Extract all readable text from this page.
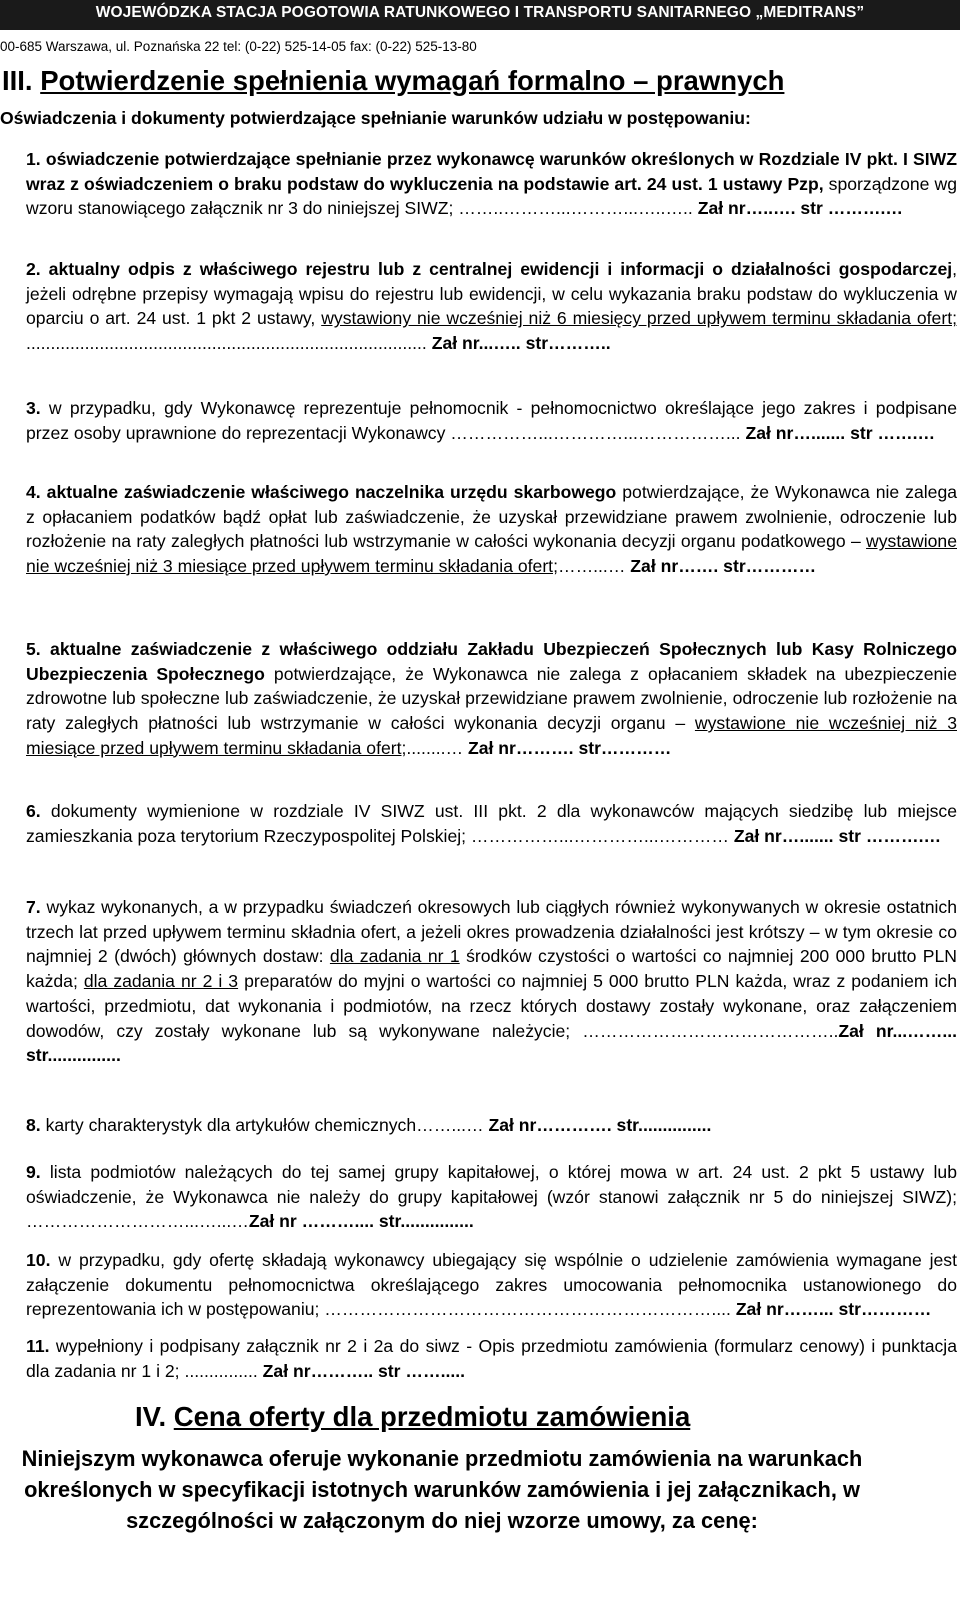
WOJEWÓDZKA STACJA POGOTOWIA RATUNKOWEGO I TRANSPORTU SANITARNEGO „MEDITRANS”
00-685 Warszawa, ul. Poznańska 22 tel: (0-22) 525-14-05 fax: (0-22) 525-13-80
III. Potwierdzenie spełnienia wymagań formalno – prawnych
Oświadczenia i dokumenty potwierdzające spełnianie warunków udziału w postępowaniu:
1. oświadczenie potwierdzające spełnianie przez wykonawcę warunków określonych w Rozdziale IV pkt. I SIWZ wraz z oświadczeniem o braku podstaw do wykluczenia na podstawie art. 24 ust. 1 ustawy Pzp, sporządzone wg wzoru stanowiącego załącznik nr 3 do niniejszej SIWZ; ……..………...………...…..….. Zał nr…..…. str ……….…
2. aktualny odpis z właściwego rejestru lub z centralnej ewidencji i informacji o działalności gospodarczej, jeżeli odrębne przepisy wymagają wpisu do rejestru lub ewidencji, w celu wykazania braku podstaw do wykluczenia w oparciu o art. 24 ust. 1 pkt 2 ustawy, wystawiony nie wcześniej niż 6 miesięcy przed upływem terminu składania ofert; .................................................................................. Zał nr...….. str………..
3. w przypadku, gdy Wykonawcę reprezentuje pełnomocnik - pełnomocnictwo określające jego zakres i podpisane przez osoby uprawnione do reprezentacji Wykonawcy ……………...…………...……………... Zał nr…....... str …….…
4. aktualne zaświadczenie właściwego naczelnika urzędu skarbowego potwierdzające, że Wykonawca nie zalega z opłacaniem podatków bądź opłat lub zaświadczenie, że uzyskał przewidziane prawem zwolnienie, odroczenie lub rozłożenie na raty zaległych płatności lub wstrzymanie w całości wykonania decyzji organu podatkowego – wystawione nie wcześniej niż 3 miesiące przed upływem terminu składania ofert;……...… Zał nr……. str…………
5. aktualne zaświadczenie z właściwego oddziału Zakładu Ubezpieczeń Społecznych lub Kasy Rolniczego Ubezpieczenia Społecznego potwierdzające, że Wykonawca nie zalega z opłacaniem składek na ubezpieczenie zdrowotne lub społeczne lub zaświadczenie, że uzyskał przewidziane prawem zwolnienie, odroczenie lub rozłożenie na raty zaległych płatności lub wstrzymanie w całości wykonania decyzji organu – wystawione nie wcześniej niż 3 miesiące przed upływem terminu składania ofert;........… Zał nr………. str…………
6. dokumenty wymienione w rozdziale IV SIWZ ust. III pkt. 2 dla wykonawców mających siedzibę lub miejsce zamieszkania poza terytorium Rzeczypospolitej Polskiej; ……………...…………...………… Zał nr…....... str ……….…
7. wykaz wykonanych, a w przypadku świadczeń okresowych lub ciągłych również wykonywanych w okresie ostatnich trzech lat przed upływem terminu składnia ofert, a jeżeli okres prowadzenia działalności jest krótszy – w tym okresie co najmniej 2 (dwóch) głównych dostaw: dla zadania nr 1 środków czystości o wartości co najmniej 200 000 brutto PLN każda; dla zadania nr 2 i 3 preparatów do myjni o wartości co najmniej 5 000 brutto PLN każda, wraz z podaniem ich wartości, przedmiotu, dat wykonania i podmiotów, na rzecz których dostawy zostały wykonane, oraz załączeniem dowodów, czy zostały wykonane lub są wykonywane należycie; ……………………………………..Zał nr...……... str...............
8. karty charakterystyk dla artykułów chemicznych……...… Zał nr…………. str...............
9. lista podmiotów należących do tej samej grupy kapitałowej, o której mowa w art. 24 ust. 2 pkt 5 ustawy lub oświadczenie, że Wykonawca nie należy do grupy kapitałowej (wzór stanowi załącznik nr 5 do niniejszej SIWZ); ………………………...…...…Zał nr ……….... str...............
10. w przypadku, gdy ofertę składają wykonawcy ubiegający się wspólnie o udzielenie zamówienia wymagane jest załączenie dokumentu pełnomocnictwa określającego zakres umocowania pełnomocnika ustanowionego do reprezentowania ich w postępowaniu; ………………………………………………………….... Zał nr……... str…………
11. wypełniony i podpisany załącznik nr 2 i 2a do siwz - Opis przedmiotu zamówienia (formularz cenowy) i punktacja dla zadania nr 1 i 2; ............... Zał nr……….. str …….....
IV. Cena oferty dla przedmiotu zamówienia
Niniejszym wykonawca oferuje wykonanie przedmiotu zamówienia na warunkach określonych w specyfikacji istotnych warunków zamówienia i jej załącznikach, w szczególności w załączonym do niej wzorze umowy, za cenę:
